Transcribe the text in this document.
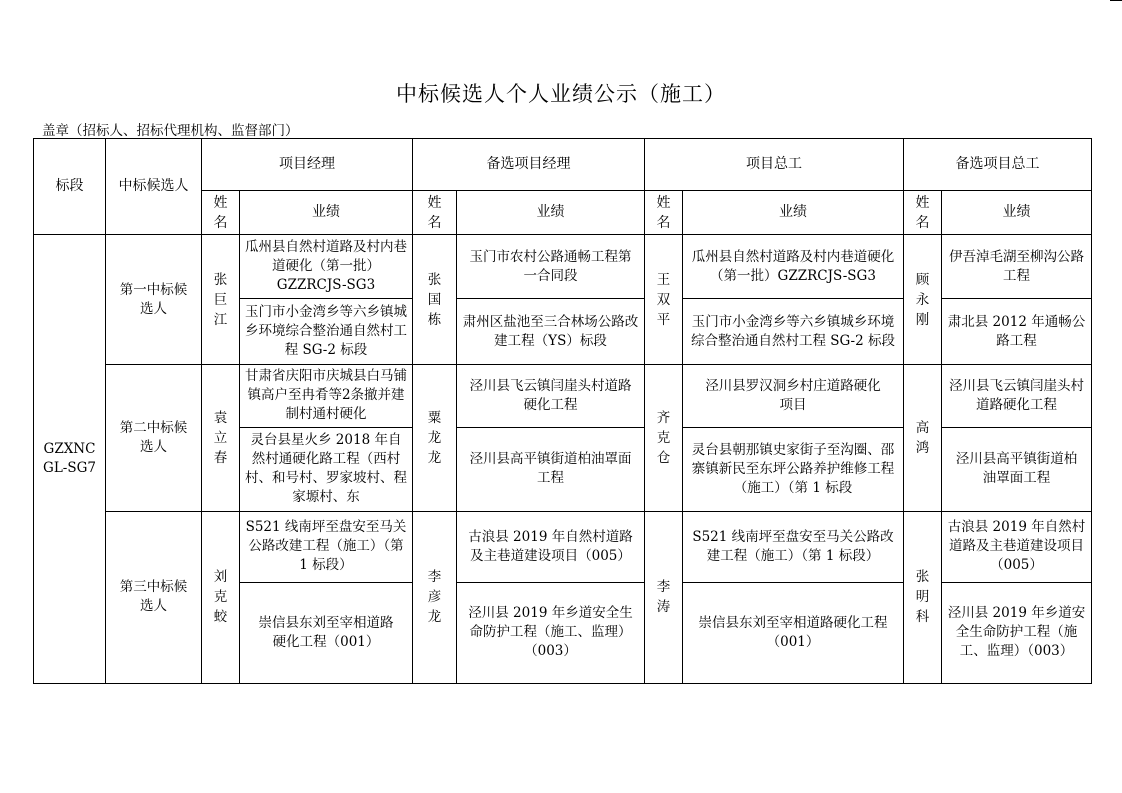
中标候选人个人业绩公示（施工）
盖章（招标人、招标代理机构、监督部门）
标段	中标候选人	项目经理		备选项目经理		项目总工		备选项目总工	
		姓名	业绩	姓名	业绩	姓名	业绩	姓名	业绩
GZXNCGL-SG7	第一中标候选人	张巨江	瓜州县自然村道路及村内巷道硬化（第一批）GZZRCJS-SG3	张国栋	玉门市农村公路通畅工程第一合同段	王双平	瓜州县自然村道路及村内巷道硬化（第一批）GZZRCJS-SG3	顾永刚	伊吾淖毛湖至柳沟公路工程
			玉门市小金湾乡等六乡镇城乡环境综合整治通自然村工程 SG-2 标段		肃州区盐池至三合林场公路改建工程（YS）标段		玉门市小金湾乡等六乡镇城乡环境综合整治通自然村工程 SG-2 标段		肃北县 2012 年通畅公路工程
	第二中标候选人	袁立春	甘肃省庆阳市庆城县白马铺镇高户至冉肴等2条撤并建制村通村硬化	粟龙龙	泾川县飞云镇闫崖头村道路硬化工程	齐克仓	泾川县罗汉洞乡村庄道路硬化项目	高鸿	泾川县飞云镇闫崖头村道路硬化工程

			灵台县星火乡 2018 年自然村通硬化路工程（西村村、和号村、罗家坡村、程家塬村、东		泾川县高平镇街道柏油罩面工程		灵台县朝那镇史家街子至沟圈、邵寨镇新民至东坪公路养护维修工程（施工）（第 1 标段		泾川县高平镇街道柏油罩面工程
	第三中标候选人	刘克蛟	S521 线南坪至盘安至马关公路改建工程（施工）（第 1 标段）	李彦龙	古浪县 2019 年自然村道路及主巷道建设项目（005）	李涛	S521 线南坪至盘安至马关公路改建工程（施工）（第 1 标段）	张明科	古浪县 2019 年自然村道路及主巷道建设项目（005）
			崇信县东刘至宰相道路硬化工程（001）		泾川县 2019 年乡道安全生命防护工程（施工、监理）（003）		崇信县东刘至宰相道路硬化工程（001）		泾川县 2019 年乡道安全生命防护工程（施工、监理）（003）
